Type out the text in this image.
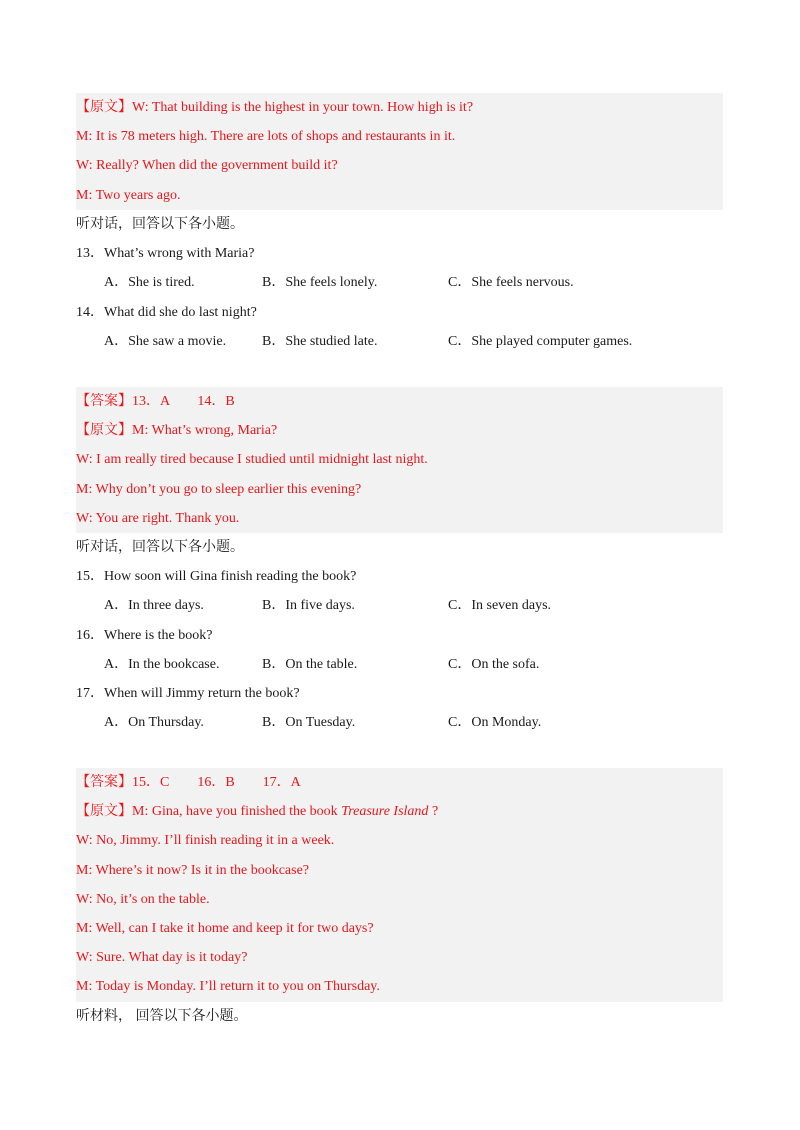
【原文】W: That building is the highest in your town. How high is it?
M: It is 78 meters high. There are lots of shops and restaurants in it.
W: Really? When did the government build it?
M: Two years ago.
听对话，回答以下各小题。
13．What’s wrong with Maria?
A．She is tired.	B．She feels lonely.	C．She feels nervous.
14．What did she do last night?
A．She saw a movie.	B．She studied late.	C．She played computer games.
【答案】13．A　　14．B
【原文】M: What’s wrong, Maria?
W: I am really tired because I studied until midnight last night.
M: Why don’t you go to sleep earlier this evening?
W: You are right. Thank you.
听对话，回答以下各小题。
15．How soon will Gina finish reading the book?
A．In three days.	B．In five days.	C．In seven days.
16．Where is the book?
A．In the bookcase.	B．On the table.	C．On the sofa.
17．When will Jimmy return the book?
A．On Thursday.	B．On Tuesday.	C．On Monday.
【答案】15．C　　16．B　　17．A
【原文】M: Gina, have you finished the book Treasure Island ?
W: No, Jimmy. I’ll finish reading it in a week.
M: Where’s it now? Is it in the bookcase?
W: No, it’s on the table.
M: Well, can I take it home and keep it for two days?
W: Sure. What day is it today?
M: Today is Monday. I’ll return it to you on Thursday.
听材料， 回答以下各小题。
